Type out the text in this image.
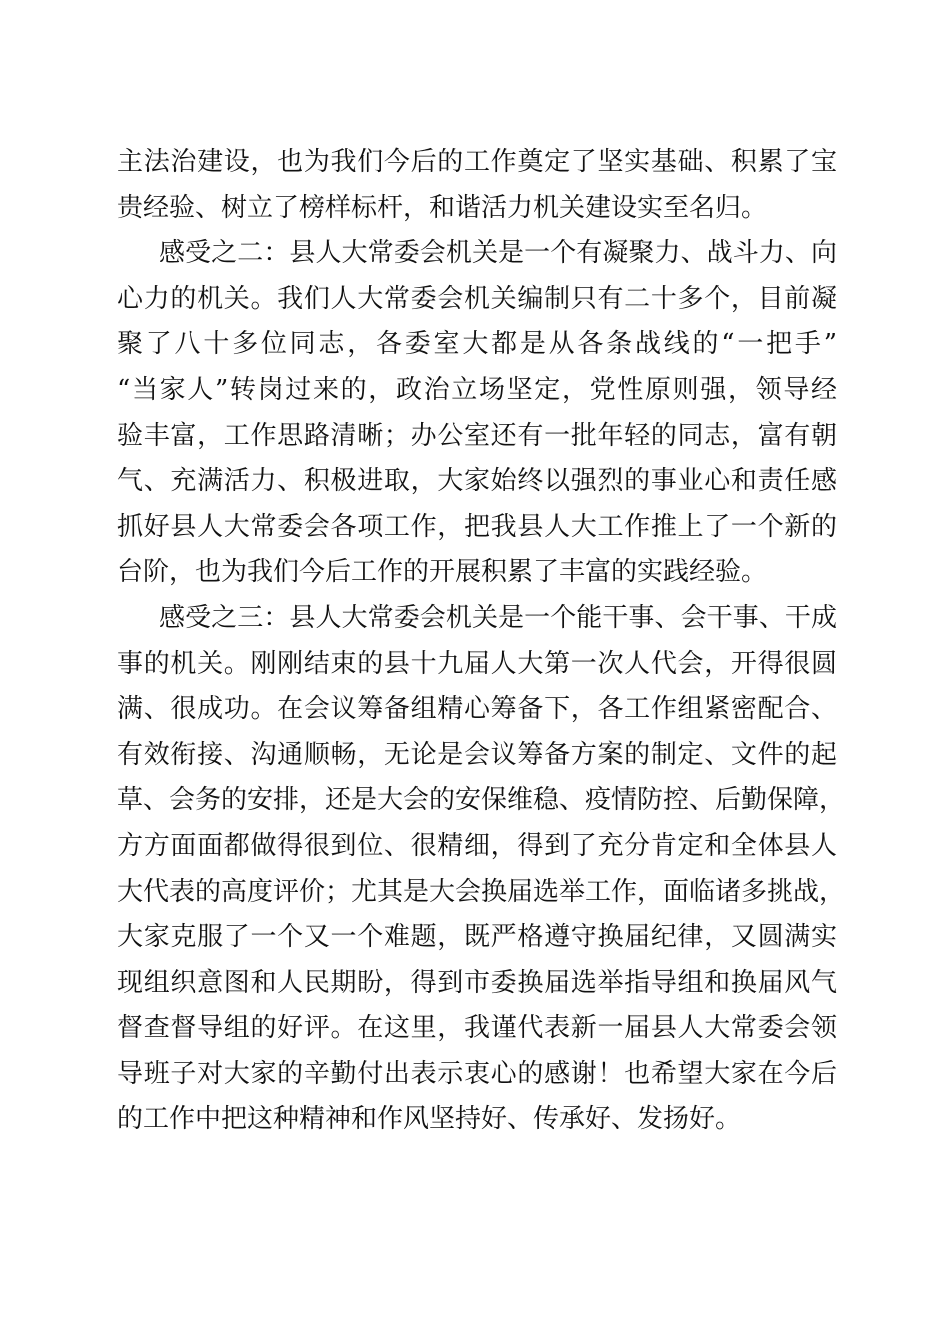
主法治建设，也为我们今后的工作奠定了坚实基础、积累了宝
贵经验、树立了榜样标杆，和谐活力机关建设实至名归。
感受之二：县人大常委会机关是一个有凝聚力、战斗力、向
心力的机关。我们人大常委会机关编制只有二十多个，目前凝
聚了八十多位同志，各委室大都是从各条战线的“一把手”
“当家人”转岗过来的，政治立场坚定，党性原则强，领导经
验丰富，工作思路清晰；办公室还有一批年轻的同志，富有朝
气、充满活力、积极进取，大家始终以强烈的事业心和责任感
抓好县人大常委会各项工作，把我县人大工作推上了一个新的
台阶，也为我们今后工作的开展积累了丰富的实践经验。
感受之三：县人大常委会机关是一个能干事、会干事、干成
事的机关。刚刚结束的县十九届人大第一次人代会，开得很圆
满、很成功。在会议筹备组精心筹备下，各工作组紧密配合、
有效衔接、沟通顺畅，无论是会议筹备方案的制定、文件的起
草、会务的安排，还是大会的安保维稳、疫情防控、后勤保障，
方方面面都做得很到位、很精细，得到了充分肯定和全体县人
大代表的高度评价；尤其是大会换届选举工作，面临诸多挑战，
大家克服了一个又一个难题，既严格遵守换届纪律，又圆满实
现组织意图和人民期盼，得到市委换届选举指导组和换届风气
督查督导组的好评。在这里，我谨代表新一届县人大常委会领
导班子对大家的辛勤付出表示衷心的感谢！也希望大家在今后
的工作中把这种精神和作风坚持好、传承好、发扬好。
